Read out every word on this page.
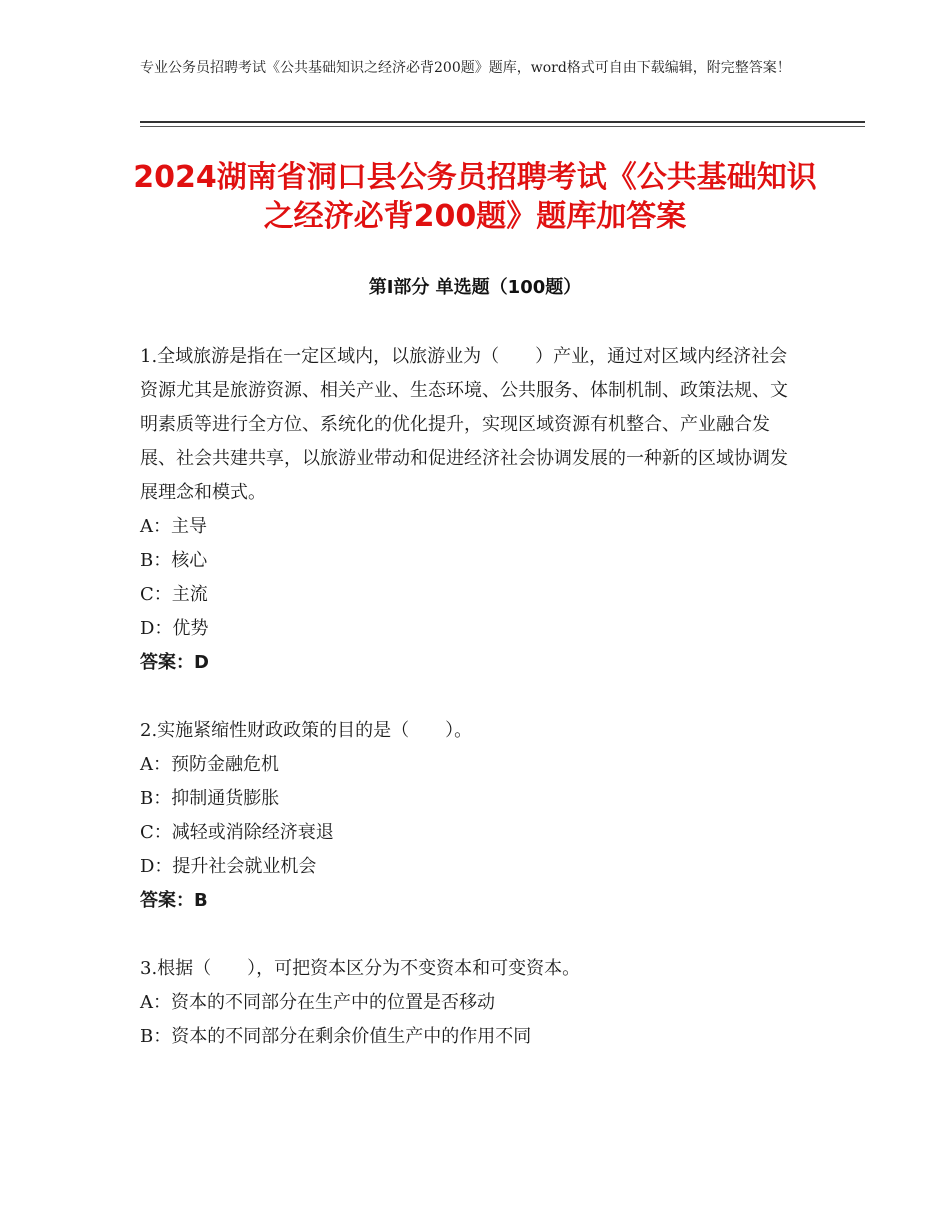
专业公务员招聘考试《公共基础知识之经济必背200题》题库，word格式可自由下载编辑，附完整答案！
2024湖南省洞口县公务员招聘考试《公共基础知识之经济必背200题》题库加答案
第Ⅰ部分 单选题（100题）

1.全域旅游是指在一定区域内，以旅游业为（　　）产业，通过对区域内经济社会资源尤其是旅游资源、相关产业、生态环境、公共服务、体制机制、政策法规、文明素质等进行全方位、系统化的优化提升，实现区域资源有机整合、产业融合发展、社会共建共享，以旅游业带动和促进经济社会协调发展的一种新的区域协调发展理念和模式。

A：主导

B：核心

C：主流

D：优势

答案：D

2.实施紧缩性财政政策的目的是（　　）。

A：预防金融危机

B：抑制通货膨胀

C：减轻或消除经济衰退

D：提升社会就业机会

答案：B

3.根据（　　），可把资本区分为不变资本和可变资本。

A：资本的不同部分在生产中的位置是否移动

B：资本的不同部分在剩余价值生产中的作用不同
